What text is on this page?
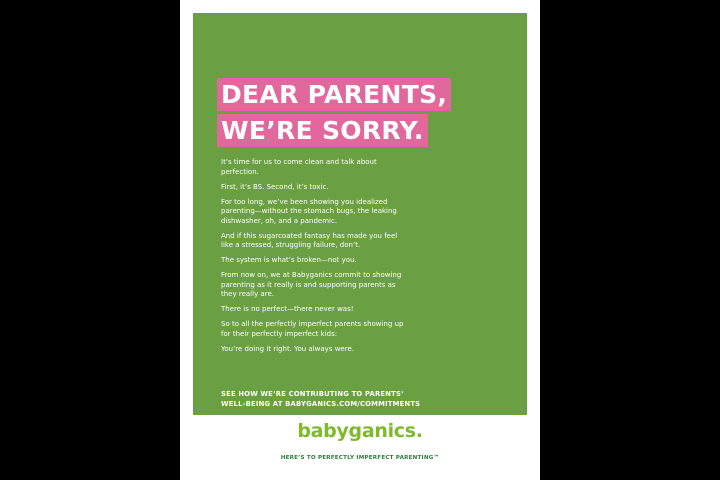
DEAR PARENTS,
WE’RE SORRY.

It’s time for us to come clean and talk about perfection.

First, it’s BS. Second, it’s toxic.

For too long, we’ve been showing you idealized parenting—without the stomach bugs, the leaking dishwasher, oh, and a pandemic.

And if this sugarcoated fantasy has made you feel like a stressed, struggling failure, don’t.

The system is what’s broken—not you.

From now on, we at Babyganics commit to showing parenting as it really is and supporting parents as they really are.

There is no perfect—there never was!

So to all the perfectly imperfect parents showing up for their perfectly imperfect kids:

You’re doing it right. You always were.

SEE HOW WE’RE CONTRIBUTING TO PARENTS’
WELL-BEING AT BABYGANICS.COM/COMMITMENTS
babyganics.
HERE’S TO PERFECTLY IMPERFECT PARENTING™
